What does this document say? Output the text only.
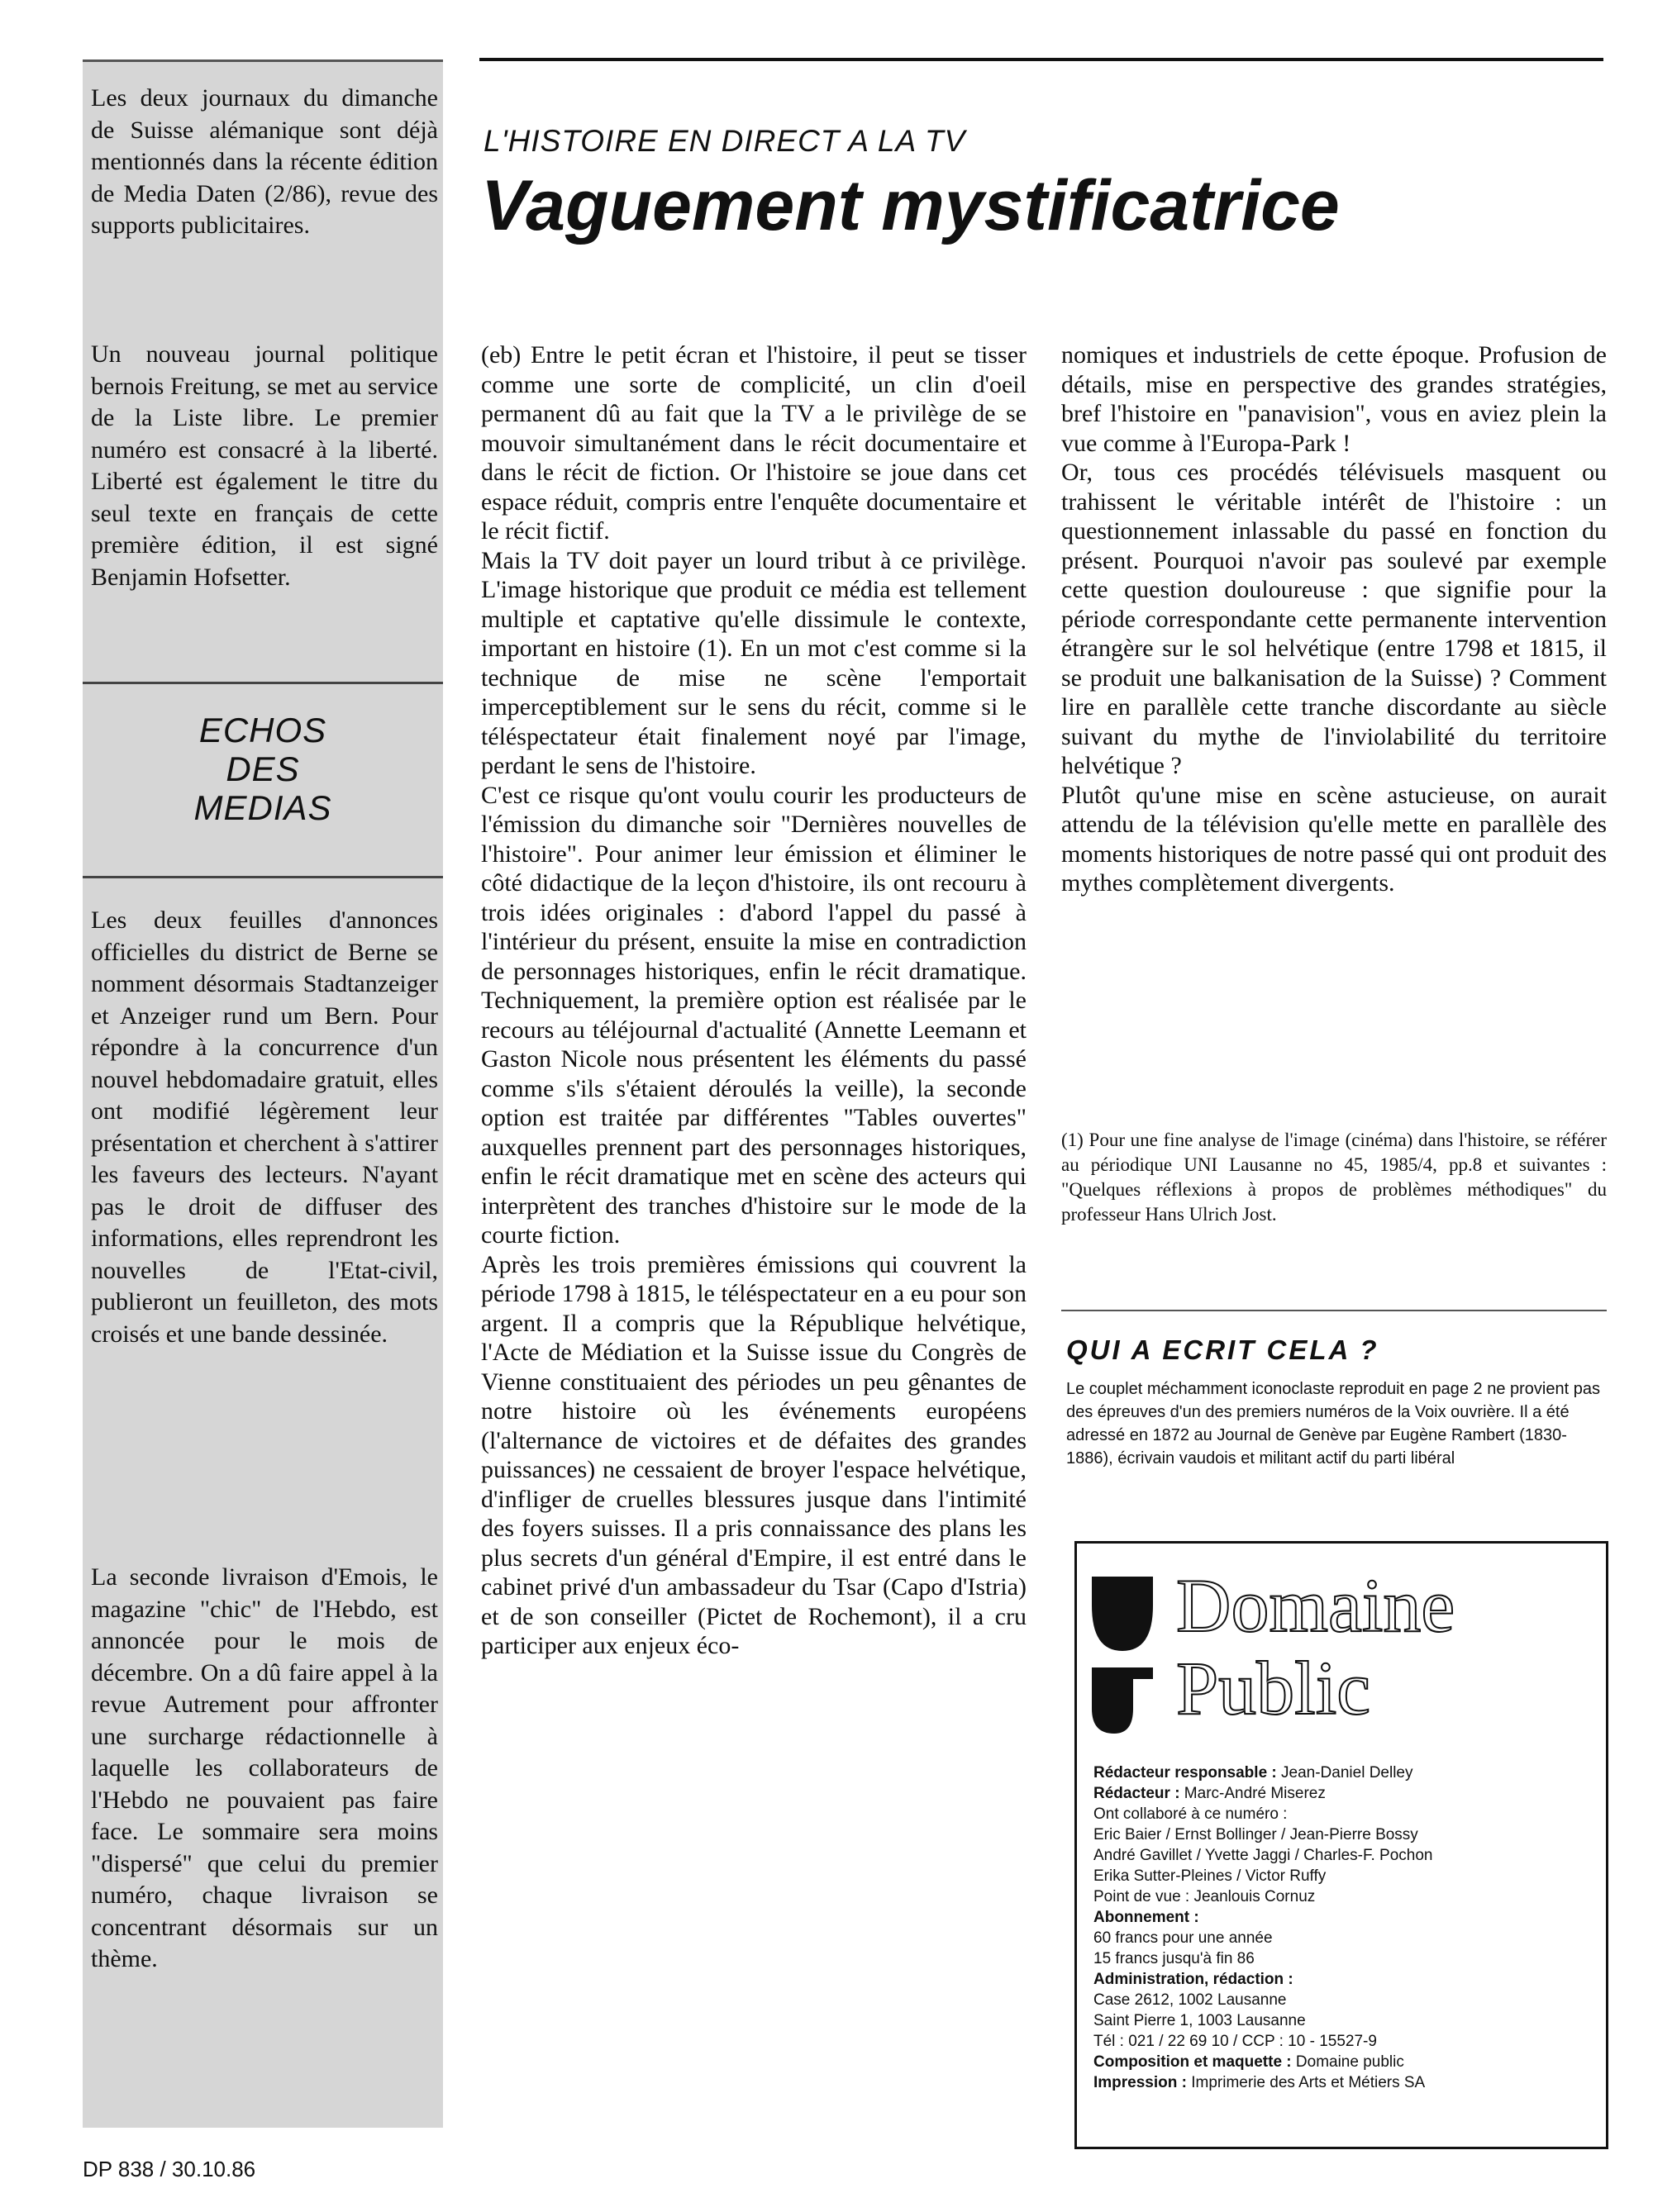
Les deux journaux du dimanche de Suisse alémanique sont déjà mentionnés dans la récente édition de Media Daten (2/86), revue des supports publicitaires.

Un nouveau journal politique bernois Freitung, se met au service de la Liste libre. Le premier numéro est consacré à la liberté. Liberté est également le titre du seul texte en français de cette première édition, il est signé Benjamin Hofsetter.

ECHOS
DES
MEDIAS

Les deux feuilles d'annonces officielles du district de Berne se nomment désormais Stadtanzeiger et Anzeiger rund um Bern. Pour répondre à la concurrence d'un nouvel hebdomadaire gratuit, elles ont modifié légèrement leur présentation et cherchent à s'attirer les faveurs des lecteurs. N'ayant pas le droit de diffuser des informations, elles reprendront les nouvelles de l'Etat-civil, publieront un feuilleton, des mots croisés et une bande dessinée.

La seconde livraison d'Emois, le magazine "chic" de l'Hebdo, est annoncée pour le mois de décembre. On a dû faire appel à la revue Autrement pour affronter une surcharge rédactionnelle à laquelle les collaborateurs de l'Hebdo ne pouvaient pas faire face. Le sommaire sera moins "dispersé" que celui du premier numéro, chaque livraison se concentrant désormais sur un thème.

L'HISTOIRE EN DIRECT A LA TV
Vaguement mystificatrice

(eb) Entre le petit écran et l'histoire, il peut se tisser comme une sorte de complicité, un clin d'oeil permanent dû au fait que la TV a le privilège de se mouvoir simultanément dans le récit documentaire et dans le récit de fiction. Or l'histoire se joue dans cet espace réduit, compris entre l'enquête documentaire et le récit fictif.

Mais la TV doit payer un lourd tribut à ce privilège. L'image historique que produit ce média est tellement multiple et captative qu'elle dissimule le contexte, important en histoire (1). En un mot c'est comme si la technique de mise ne scène l'emportait imperceptiblement sur le sens du récit, comme si le téléspectateur était finalement noyé par l'image, perdant le sens de l'histoire.

C'est ce risque qu'ont voulu courir les producteurs de l'émission du dimanche soir "Dernières nouvelles de l'histoire". Pour animer leur émission et éliminer le côté didactique de la leçon d'histoire, ils ont recouru à trois idées originales : d'abord l'appel du passé à l'intérieur du présent, ensuite la mise en contradiction de personnages historiques, enfin le récit dramatique. Techniquement, la première option est réalisée par le recours au téléjournal d'actualité (Annette Leemann et Gaston Nicole nous présentent les éléments du passé comme s'ils s'étaient déroulés la veille), la seconde option est traitée par différentes "Tables ouvertes" auxquelles prennent part des personnages historiques, enfin le récit dramatique met en scène des acteurs qui interprètent des tranches d'histoire sur le mode de la courte fiction.

Après les trois premières émissions qui couvrent la période 1798 à 1815, le téléspectateur en a eu pour son argent. Il a compris que la République helvétique, l'Acte de Médiation et la Suisse issue du Congrès de Vienne constituaient des périodes un peu gênantes de notre histoire où les événements européens (l'alternance de victoires et de défaites des grandes puissances) ne cessaient de broyer l'espace helvétique, d'infliger de cruelles blessures jusque dans l'intimité des foyers suisses. Il a pris connaissance des plans les plus secrets d'un général d'Empire, il est entré dans le cabinet privé d'un ambassadeur du Tsar (Capo d'Istria) et de son conseiller (Pictet de Rochemont), il a cru participer aux enjeux éco-

nomiques et industriels de cette époque. Profusion de détails, mise en perspective des grandes stratégies, bref l'histoire en "panavision", vous en aviez plein la vue comme à l'Europa-Park !

Or, tous ces procédés télévisuels masquent ou trahissent le véritable intérêt de l'histoire : un questionnement inlassable du passé en fonction du présent. Pourquoi n'avoir pas soulevé par exemple cette question douloureuse : que signifie pour la période correspondante cette permanente intervention étrangère sur le sol helvétique (entre 1798 et 1815, il se produit une balkanisation de la Suisse) ? Comment lire en parallèle cette tranche discordante au siècle suivant du mythe de l'inviolabilité du territoire helvétique ?

Plutôt qu'une mise en scène astucieuse, on aurait attendu de la télévision qu'elle mette en parallèle des moments historiques de notre passé qui ont produit des mythes complètement divergents.

(1) Pour une fine analyse de l'image (cinéma) dans l'histoire, se référer au périodique UNI Lausanne no 45, 1985/4, pp.8 et suivantes : "Quelques réflexions à propos de problèmes méthodiques" du professeur Hans Ulrich Jost.
QUI A ECRIT CELA ?
Le couplet méchamment iconoclaste reproduit en page 2 ne provient pas des épreuves d'un des premiers numéros de la Voix ouvrière. Il a été adressé en 1872 au Journal de Genève par Eugène Rambert (1830-1886), écrivain vaudois et militant actif du parti libéral
Domaine
Public
Rédacteur responsable : Jean-Daniel Delley
Rédacteur : Marc-André Miserez
Ont collaboré à ce numéro :
Eric Baier / Ernst Bollinger / Jean-Pierre Bossy
André Gavillet / Yvette Jaggi / Charles-F. Pochon
Erika Sutter-Pleines / Victor Ruffy
Point de vue : Jeanlouis Cornuz
Abonnement :
60 francs pour une année
15 francs jusqu'à fin 86
Administration, rédaction :
Case 2612, 1002 Lausanne
Saint Pierre 1, 1003 Lausanne
Tél : 021 / 22 69 10 / CCP : 10 - 15527-9
Composition et maquette : Domaine public
Impression : Imprimerie des Arts et Métiers SA
DP 838 / 30.10.86
